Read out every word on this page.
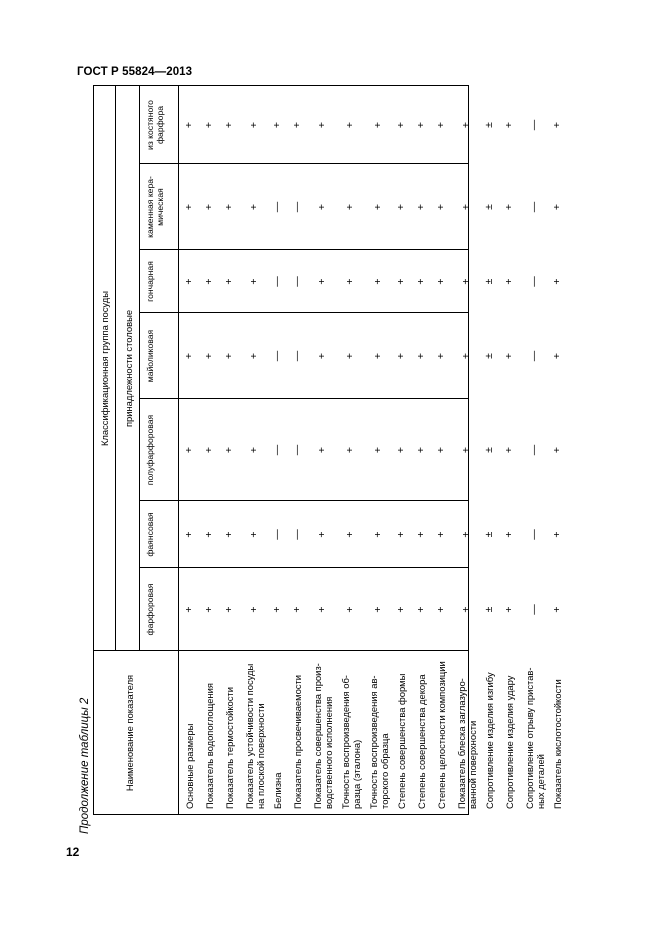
ГОСТ Р 55824—2013
Продолжение таблицы 2
12
Наименование показателя
Классификационная группа посуды принадлежности столовые
фарфоровая
фаянсовая
полуфарфоровая
майоликовая
гончарная
каменная кера- мическая
из костяного фарфора
Основные размеры
+
+
+
+
+
+
+
Показатель водопоглощения
+
+
+
+
+
+
+
Показатель термостойкости
+
+
+
+
+
+
+
Показатель устойчивости посуды на плоской поверхности
+
+
+
+
+
+
+
Белизна
+
—
—
—
—
—
+
Показатель просвечиваемости
+
—
—
—
—
—
+
Показатель совершенства произ- водственного исполнения
+
+
+
+
+
+
+
Точность воспроизведения об- разца (эталона)
+
+
+
+
+
+
+
Точность воспроизведения ав- торского образца
+
+
+
+
+
+
+
Степень совершенства формы
+
+
+
+
+
+
+
Степень совершенства декора
+
+
+
+
+
+
+
Степень целостности композиции
+
+
+
+
+
+
+
Показатель блеска заглазуро- ванной поверхности
+
+
+
+
+
+
+
Сопротивление изделия изгибу
±
±
±
±
±
±
±
Сопротивление изделия удару
+
+
+
+
+
+
+
Сопротивление отрыву пристав- ных деталей
—
—
—
—
—
—
—
Показатель кислотостойкости
+
+
+
+
+
+
+
